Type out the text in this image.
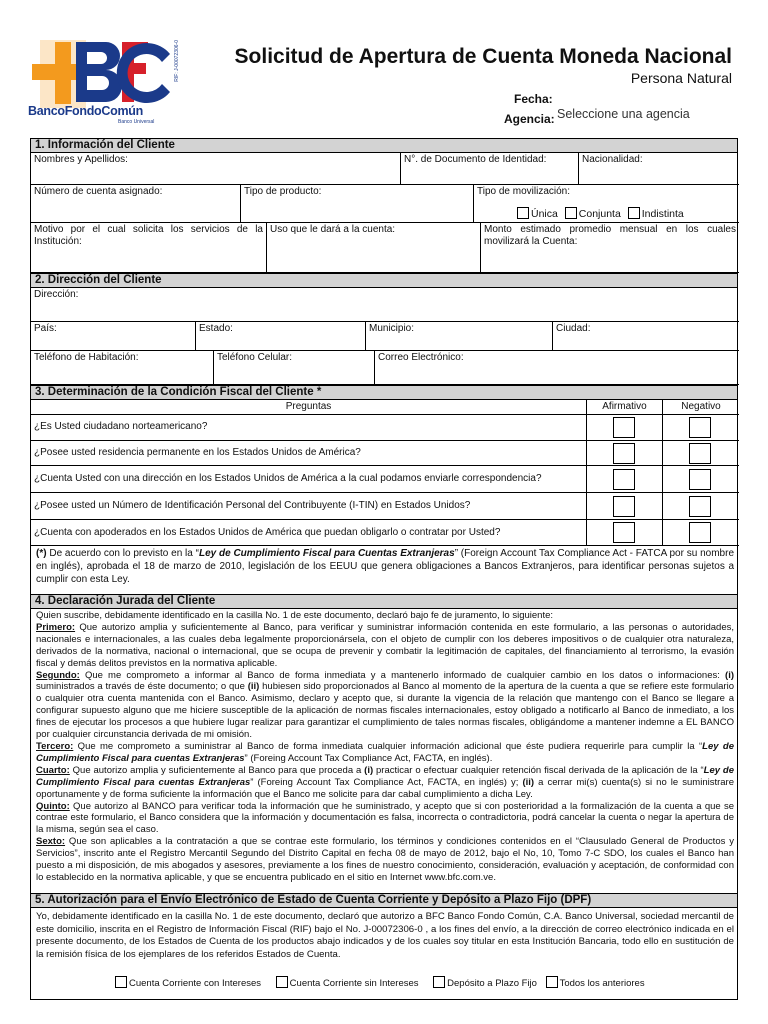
BancoFondoComún
Banco Universal
RIF: J-00072306-0	Solicitud de Apertura de Cuenta Moneda Nacional
Persona Natural
Fecha:
Agencia: Seleccione una agencia
1. Información del Cliente
Nombres y Apellidos:	N°. de Documento de Identidad:	Nacionalidad:
Número de cuenta asignado:	Tipo de producto:	Tipo de movilización:
Única Conjunta Indistinta
Motivo por el cual solicita los servicios de la Institución:
Uso que le dará a la cuenta:	Monto estimado promedio mensual en los cuales movilizará la Cuenta:
2. Dirección del Cliente
Dirección:
País:	Estado:	Municipio:	Ciudad:
Teléfono de Habitación:	Teléfono Celular:	Correo Electrónico:
3. Determinación de la Condición Fiscal del Cliente *
Preguntas	Afirmativo	Negativo
¿Es Usted ciudadano norteamericano?
¿Posee usted residencia permanente en los Estados Unidos de América?
¿Cuenta Usted con una dirección en los Estados Unidos de América a la cual podamos enviarle correspondencia?
¿Posee usted un Número de Identificación Personal del Contribuyente (I-TIN) en Estados Unidos?
¿Cuenta con apoderados en los Estados Unidos de América que puedan obligarlo o contratar por Usted?
(*) De acuerdo con lo previsto en la “Ley de Cumplimiento Fiscal para Cuentas Extranjeras” (Foreign Account Tax Compliance Act - FATCA por su nombre en inglés), aprobada el 18 de marzo de 2010, legislación de los EEUU que genera obligaciones a Bancos Extranjeros, para identificar personas sujetos a cumplir con esta Ley.
4. Declaración Jurada del Cliente
Quien suscribe, debidamente identificado en la casilla No. 1 de este documento, declaró bajo fe de juramento, lo siguiente:
Primero: Que autorizo amplia y suficientemente al Banco, para verificar y suministrar información contenida en este formulario, a las personas o autoridades, nacionales e internacionales, a las cuales deba legalmente proporcionársela, con el objeto de cumplir con los deberes impositivos o de cualquier otra naturaleza, derivados de la normativa, nacional o internacional, que se ocupa de prevenir y combatir la legitimación de capitales, del financiamiento al terrorismo, la evasión fiscal y demás delitos previstos en la normativa aplicable.
Segundo: Que me comprometo a informar al Banco de forma inmediata y a mantenerlo informado de cualquier cambio en los datos o informaciones: (i) suministrados a través de éste documento; o que (ii) hubiesen sido proporcionados al Banco al momento de la apertura de la cuenta a que se refiere este formulario o cualquier otra cuenta mantenida con el Banco. Asimismo, declaro y acepto que, si durante la vigencia de la relación que mantengo con el Banco se llegare a configurar supuesto alguno que me hiciere susceptible de la aplicación de normas fiscales internacionales, estoy obligado a notificarlo al Banco de inmediato, a los fines de ejecutar los procesos a que hubiere lugar realizar para garantizar el cumplimiento de tales normas fiscales, obligándome a mantener indemne a EL BANCO por cualquier circunstancia derivada de mi omisión.
Tercero: Que me comprometo a suministrar al Banco de forma inmediata cualquier información adicional que éste pudiera requerirle para cumplir la “Ley de Cumplimiento Fiscal para cuentas Extranjeras” (Foreing Account Tax Compliance Act, FACTA, en inglés).
Cuarto: Que autorizo amplia y suficientemente al Banco para que proceda a (i) practicar o efectuar cualquier retención fiscal derivada de la aplicación de la “Ley de Cumplimiento Fiscal para cuentas Extranjeras” (Foreing Account Tax Compliance Act, FACTA, en inglés) y; (ii) a cerrar mi(s) cuenta(s) si no le suministrare oportunamente y de forma suficiente la información que el Banco me solicite para dar cabal cumplimiento a dicha Ley.
Quinto: Que autorizo al BANCO para verificar toda la información que he suministrado, y acepto que si con posterioridad a la formalización de la cuenta a que se contrae este formulario, el Banco considera que la información y documentación es falsa, incorrecta o contradictoria, podrá cancelar la cuenta o negar la apertura de la misma, según sea el caso.
Sexto: Que son aplicables a la contratación a que se contrae este formulario, los términos y condiciones contenidos en el “Clausulado General de Productos y Servicios”, inscrito ante el Registro Mercantil Segundo del Distrito Capital en fecha 08 de mayo de 2012, bajo el No, 10, Tomo 7-C SDO, los cuales el Banco han puesto a mi disposición, de mis abogados y asesores, previamente a los fines de nuestro conocimiento, consideración, evaluación y aceptación, de conformidad con lo establecido en la normativa aplicable, y que se encuentra publicado en el sitio en Internet www.bfc.com.ve.
5. Autorización para el Envío Electrónico de Estado de Cuenta Corriente y Depósito a Plazo Fijo (DPF)
Yo, debidamente identificado en la casilla No. 1 de este documento, declaró que autorizo a BFC Banco Fondo Común, C.A. Banco Universal, sociedad mercantil de este domicilio, inscrita en el Registro de Información Fiscal (RIF) bajo el No. J-00072306-0 , a los fines del envío, a la dirección de correo electrónico indicada en el presente documento, de los Estados de Cuenta de los productos abajo indicados y de los cuales soy titular en esta Institución Bancaria, todo ello en sustitución de la remisión física de los ejemplares de los referidos Estados de Cuenta.
Cuenta Corriente con Intereses	Cuenta Corriente sin Intereses	Depósito a Plazo Fijo Todos los anteriores
